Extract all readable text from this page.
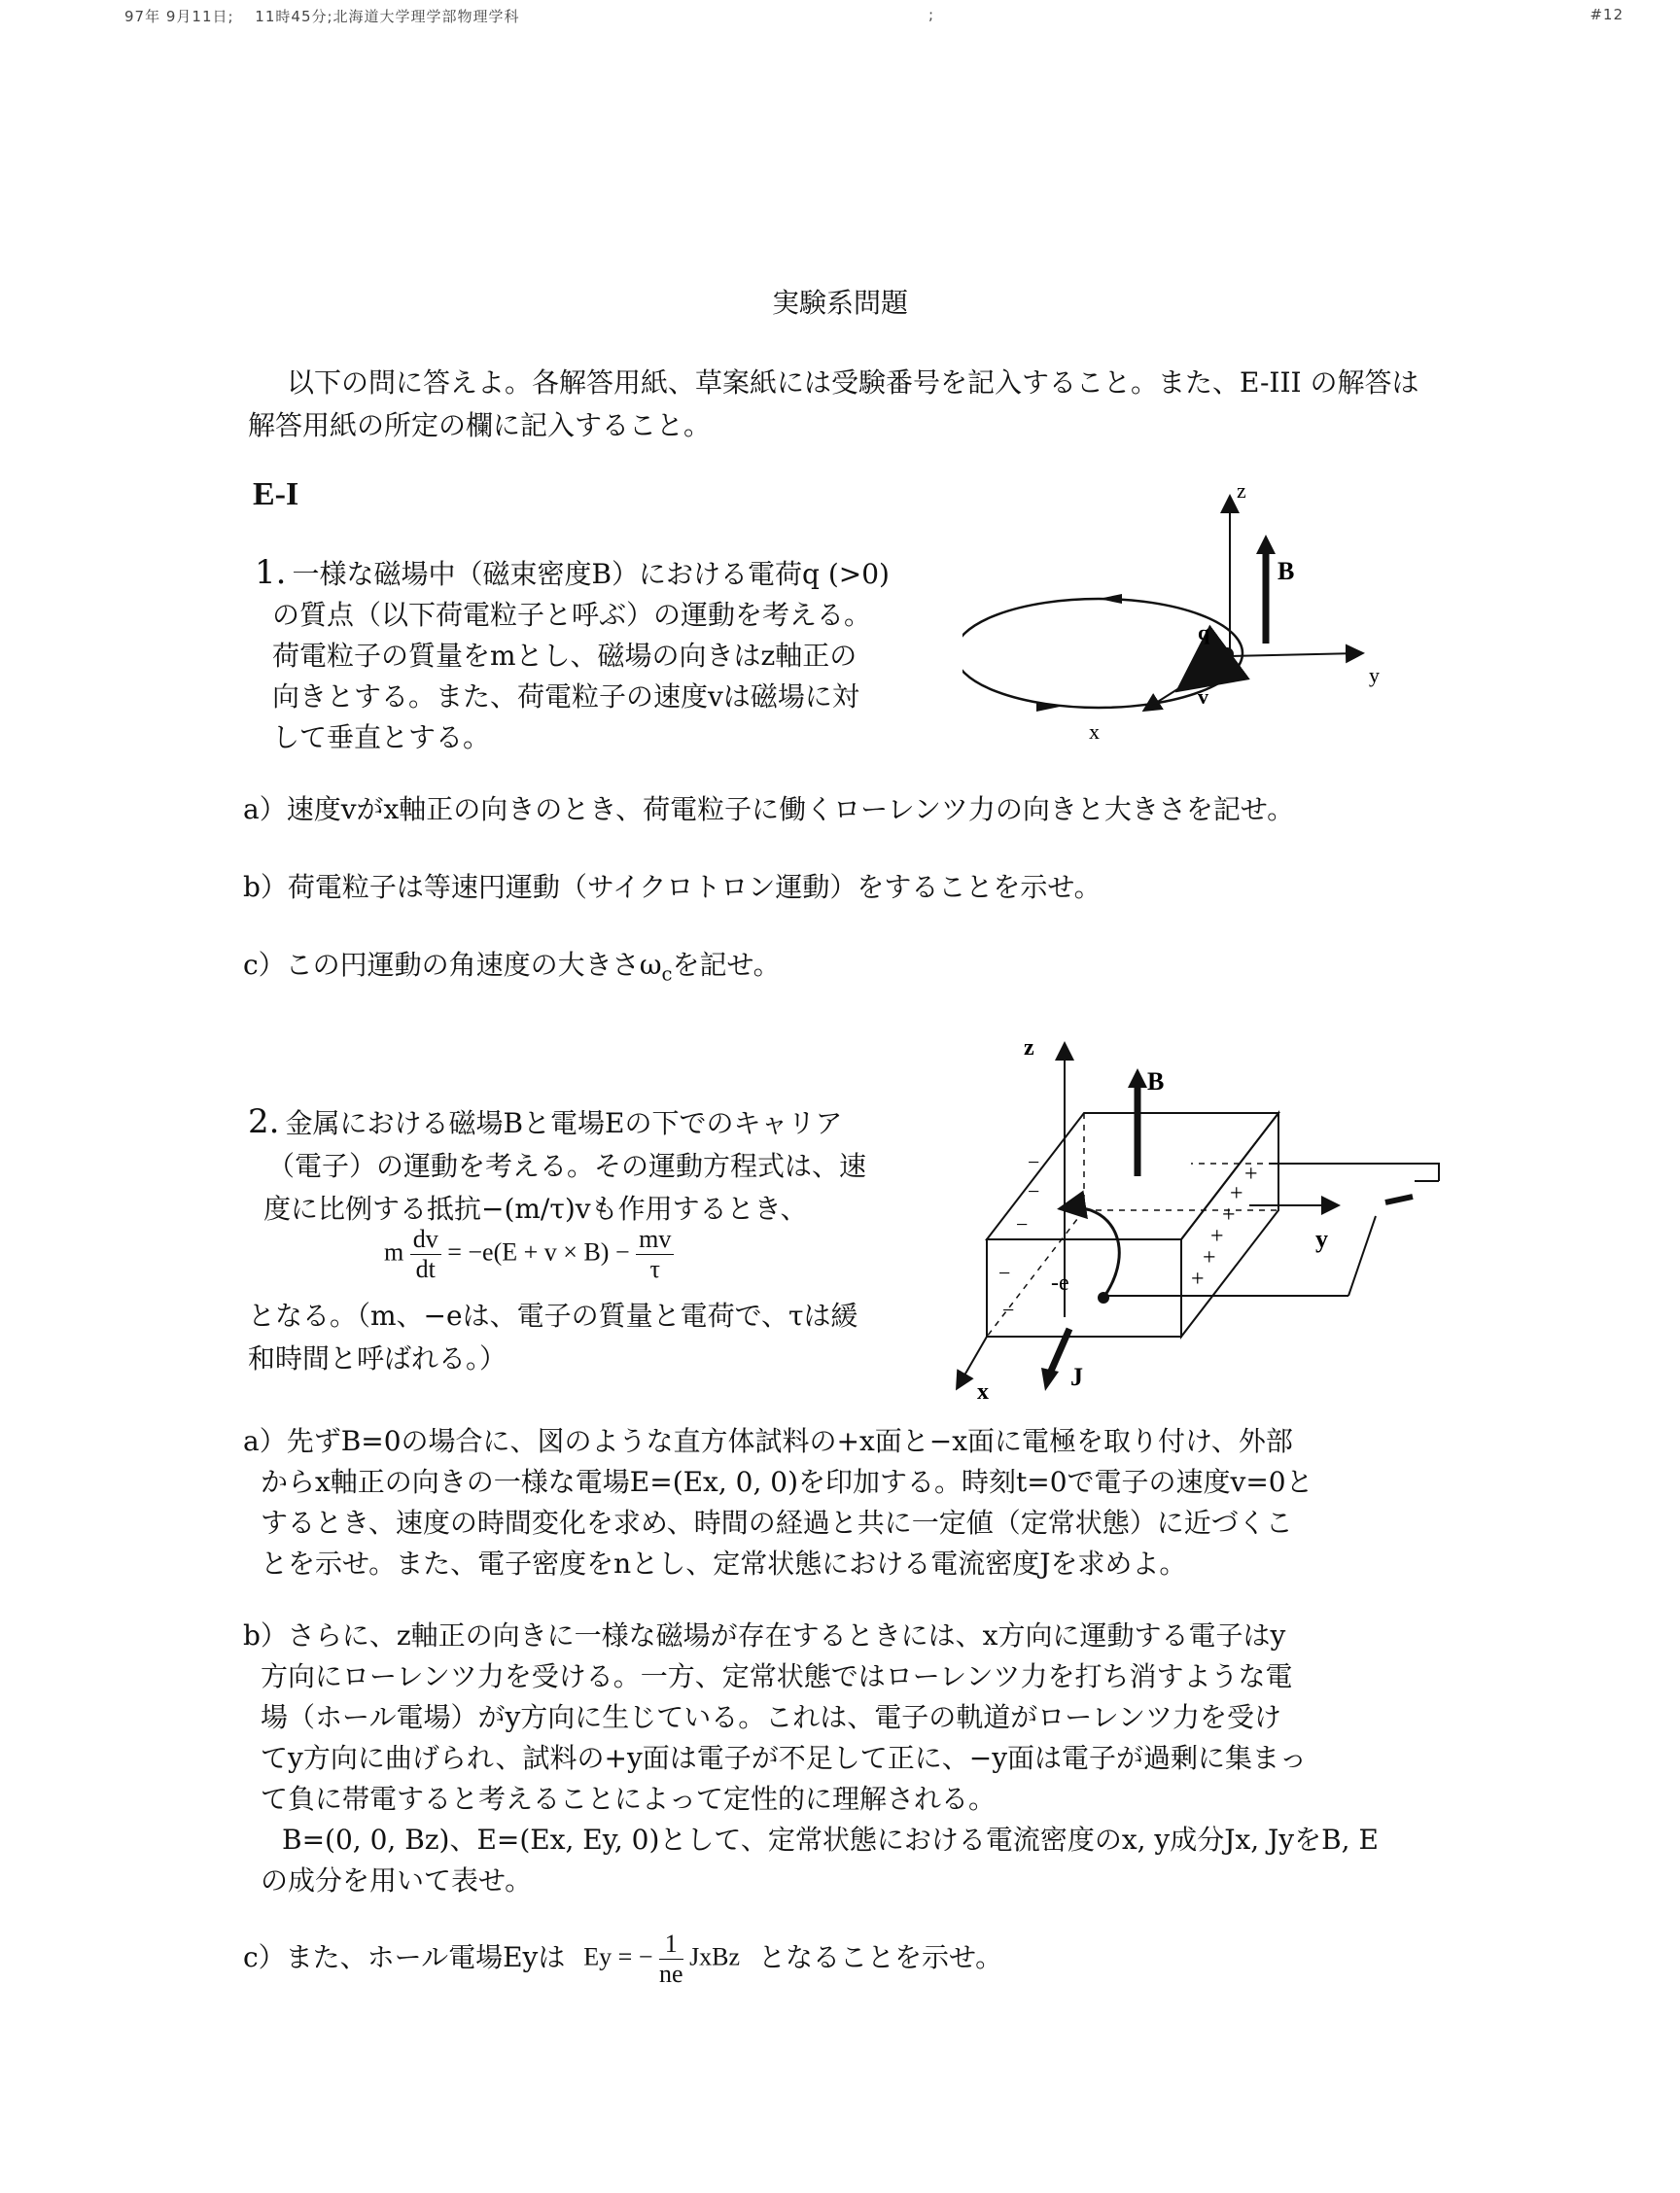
97年 9月11日;　 11時45分;北海道大学理学部物理学科	;	#12
実験系問題
以下の問に答えよ。各解答用紙、草案紙には受験番号を記入すること。また、E-III の解答は解答用紙の所定の欄に記入すること。
E-I
1. 一様な磁場中（磁束密度B）における電荷q (>0)
の質点（以下荷電粒子と呼ぶ）の運動を考える。
荷電粒子の質量をmとし、磁場の向きはz軸正の
向きとする。また、荷電粒子の速度vは磁場に対
して垂直とする。
z
y
x
v
q
B
a）速度vがx軸正の向きのとき、荷電粒子に働くローレンツ力の向きと大きさを記せ。
b）荷電粒子は等速円運動（サイクロトロン運動）をすることを示せ。
c）この円運動の角速度の大きさ$\omega_c$を記せ。
2. 金属における磁場Bと電場Eの下でのキャリア
（電子）の運動を考える。その運動方程式は、速
度に比例する抵抗−(m/τ)vも作用するとき、
m $\frac{dv}{dt} = -e(E + v \times B) - \frac{mv}{\tau}$
となる。（m、−eは、電子の質量と電荷で、τは緩
和時間と呼ばれる。）
z
x
y
B
-e
J
−
−
−
−
−
+
+
+
+
+
+
a）先ずB=0の場合に、図のような直方体試料の+x面と−x面に電極を取り付け、外部
からx軸正の向きの一様な電場E=(Ex, 0, 0)を印加する。時刻t=0で電子の速度v=0と
するとき、速度の時間変化を求め、時間の経過と共に一定値（定常状態）に近づくこ
とを示せ。また、電子密度をnとし、定常状態における電流密度Jを求めよ。
b）さらに、z軸正の向きに一様な磁場が存在するときには、x方向に運動する電子はy
方向にローレンツ力を受ける。一方、定常状態ではローレンツ力を打ち消すような電
場（ホール電場）がy方向に生じている。これは、電子の軌道がローレンツ力を受け
てy方向に曲げられ、試料の+y面は電子が不足して正に、−y面は電子が過剰に集まっ
て負に帯電すると考えることによって定性的に理解される。
B=(0, 0, Bz)、E=(Ex, Ey, 0)として、定常状態における電流密度のx, y成分Jx, JyをB, E
の成分を用いて表せ。
c）また、ホール電場Eyは Ey = − $\frac{1}{ne}$ JxBz となることを示せ。
